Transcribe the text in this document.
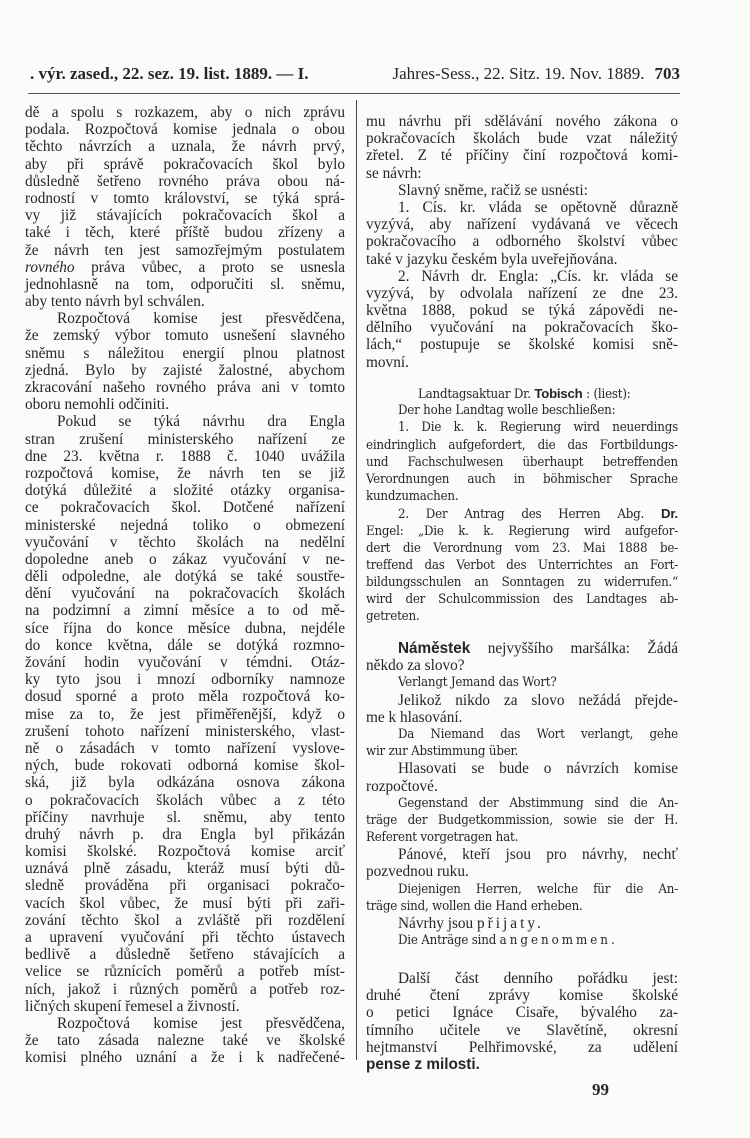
. výr. zased., 22. sez. 19. list. 1889. — I.	Jahres-Sess., 22. Sitz. 19. Nov. 1889. 703
dě a spolu s rozkazem, aby o nich zprávu
podala. Rozpočtová komise jednala o obou
těchto návrzích a uznala, že návrh prvý,
aby při správě pokračovacích škol bylo
důsledně šetřeno rovného práva obou ná-
rodností v tomto království, se týká sprá-
vy již stávajících pokračovacích škol a
také i těch, které příště budou zřízeny a
že návrh ten jest samozřejmým postulatem
rovného práva vůbec, a proto se usnesla
jednohlasně na tom, odporučiti sl. sněmu,
aby tento návrh byl schválen.
Rozpočtová komise jest přesvědčena,
že zemský výbor tomuto usnešení slavného
sněmu s náležitou energií plnou platnost
zjedná. Bylo by zajisté žalostné, abychom
zkracování našeho rovného práva ani v tomto
oboru nemohli odčiniti.
Pokud se týká návrhu dra Engla
stran zrušení ministerského nařízení ze
dne 23. května r. 1888 č. 1040 uvážila
rozpočtová komise, že návrh ten se již
dotýká důležité a složité otázky organisa-
ce pokračovacích škol. Dotčené nařízení
ministerské nejedná toliko o obmezení
vyučování v těchto školách na nedělní
dopoledne aneb o zákaz vyučování v ne-
děli odpoledne, ale dotýká se také soustře-
dění vyučování na pokračovacích školách
na podzimní a zimní měsíce a to od mě-
síce října do konce měsíce dubna, nejdéle
do konce května, dále se dotýká rozmno-
žování hodin vyučování v témdni. Otáz-
ky tyto jsou i mnozí odborníky namnoze
dosud sporné a proto měla rozpočtová ko-
mise za to, že jest přiměřenější, když o
zrušení tohoto nařízení ministerského, vlast-
ně o zásadách v tomto nařízení vyslove-
ných, bude rokovati odborná komise škol-
ská, již byla odkázána osnova zákona
o pokračovacích školách vůbec a z této
příčiny navrhuje sl. sněmu, aby tento
druhý návrh p. dra Engla byl přikázán
komisi školské. Rozpočtová komise arciť
uznává plně zásadu, kteráž musí býti dů-
sledně prováděna při organisaci pokračo-
vacích škol vůbec, že musí býti při zaři-
zování těchto škol a zvláště při rozdělení
a upravení vyučování při těchto ústavech
bedlivě a důsledně šetřeno stávajících a
velice se různících poměrů a potřeb míst-
ních, jakož i různých poměrů a potřeb roz-
ličných skupení řemesel a živností.
Rozpočtová komise jest přesvědčena,
že tato zásada nalezne také ve školské
komisi plného uznání a že i k nadřečené-
mu návrhu při sdělávání nového zákona o
pokračovacích školách bude vzat náležitý
zřetel. Z té příčiny činí rozpočtová komi-
se návrh:
Slavný sněme, račiž se usnésti:
1. Cís. kr. vláda se opětovně důrazně
vyzývá, aby nařízení vydávaná ve věcech
pokračovacího a odborného školství vůbec
také v jazyku českém byla uveřejňována.
2. Návrh dr. Engla: „Cís. kr. vláda se
vyzývá, by odvolala nařízení ze dne 23.
května 1888, pokud se týká zápovědi ne-
dělního vyučování na pokračovacích ško-
lách,“ postupuje se školské komisi sně-
movní.
Landtagsaktuar Dr. Tobisch : (liest):
Der hohe Landtag wolle beschließen:
1. Die k. k. Regierung wird neuerdings
eindringlich aufgefordert, die das Fortbildungs-
und Fachschulwesen überhaupt betreffenden
Verordnungen auch in böhmischer Sprache
kundzumachen.
2. Der Antrag des Herren Abg. Dr.
Engel: „Die k. k. Regierung wird aufgefor-
dert die Verordnung vom 23. Mai 1888 be-
treffend das Verbot des Unterrichtes an Fort-
bildungsschulen an Sonntagen zu widerrufen.“
wird der Schulcommission des Landtages ab-
getreten.
Náměstek nejvyššího maršálka: Žádá
někdo za slovo?
Verlangt Jemand das Wort?
Jelikož nikdo za slovo nežádá přejde-
me k hlasování.
Da Niemand das Wort verlangt, gehe
wir zur Abstimmung über.
Hlasovati se bude o návrzích komise
rozpočtové.
Gegenstand der Abstimmung sind die An-
träge der Budgetkommission, sowie sie der H.
Referent vorgetragen hat.
Pánové, kteří jsou pro návrhy, nechť
pozvednou ruku.
Diejenigen Herren, welche für die An-
träge sind, wollen die Hand erheben.
Návrhy jsou přijaty.
Die Anträge sind angenommen.
Další část denního pořádku jest:
druhé čtení zprávy komise školské
o petici Ignáce Cisaře, bývalého za-
tímního učitele ve Slavětíně, okresní
hejtmanství Pelhřimovské, za udělení
pense z milosti.
99
